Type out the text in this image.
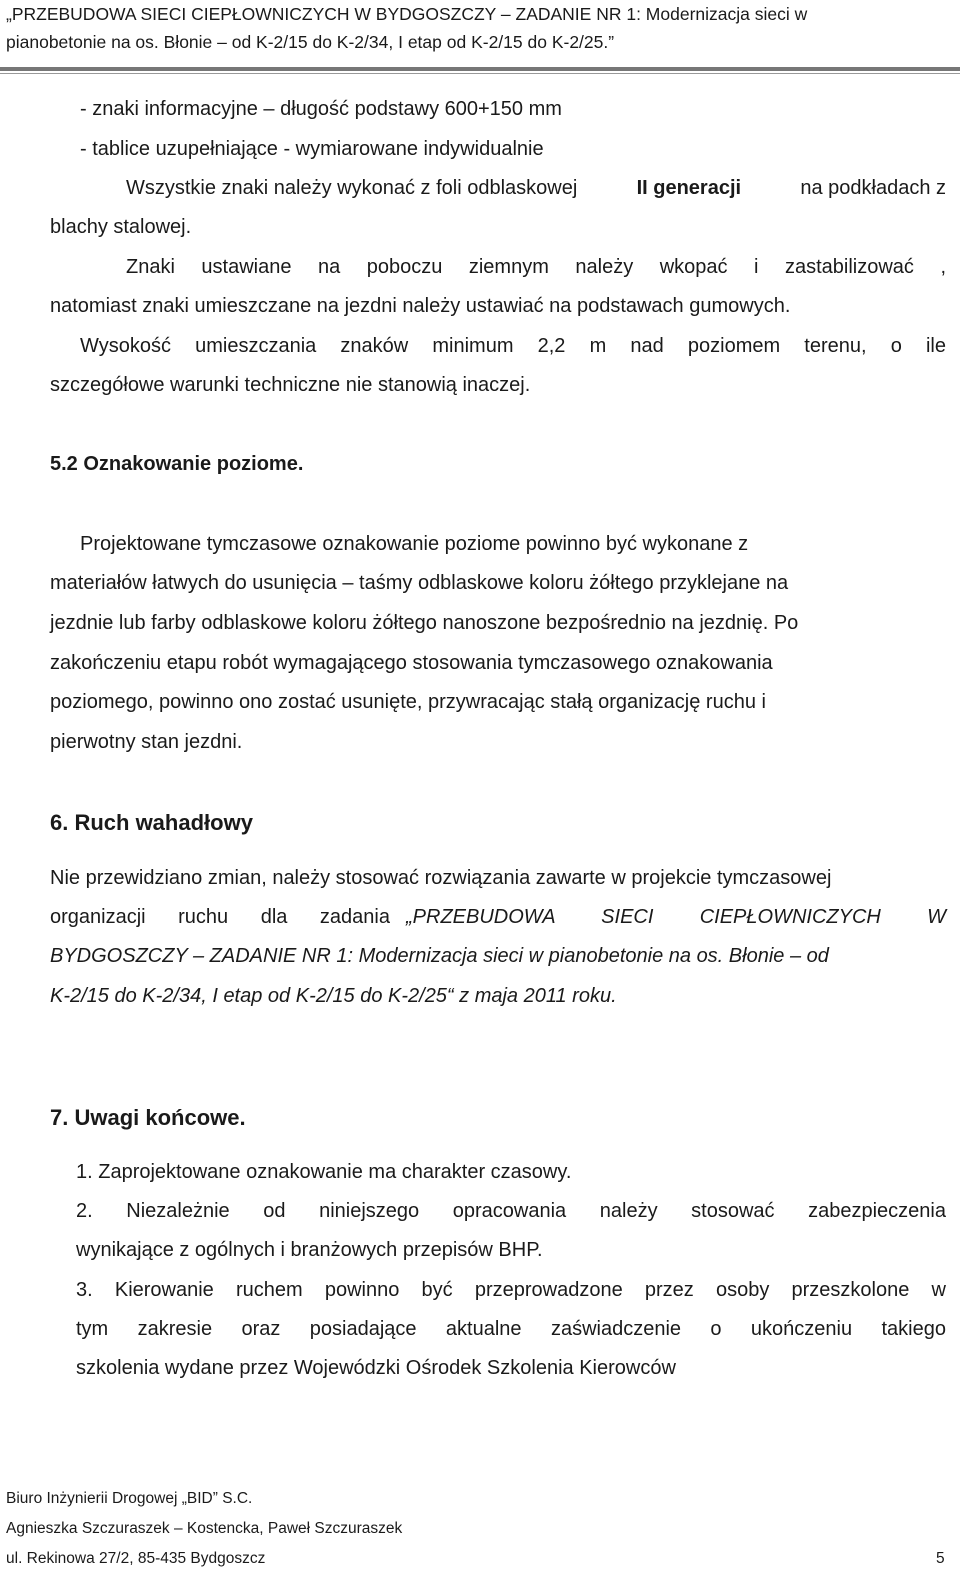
„PRZEBUDOWA SIECI CIEPŁOWNICZYCH W BYDGOSZCZY – ZADANIE NR 1: Modernizacja sieci w
pianobetonie na os. Błonie – od K-2/15 do K-2/34, I etap od K-2/15 do K-2/25.”
- znaki informacyjne – długość podstawy 600+150 mm
- tablice uzupełniające - wymiarowane indywidualnie
Wszystkie znaki należy wykonać z foli odblaskowej	II generacji	na podkładach z
blachy stalowej.
Znaki ustawiane na poboczu ziemnym należy wkopać i zastabilizować ,
natomiast znaki umieszczane na jezdni należy ustawiać na podstawach gumowych.
Wysokość umieszczania znaków minimum 2,2 m nad poziomem terenu, o ile
szczegółowe warunki techniczne nie stanowią inaczej.
5.2 Oznakowanie poziome.
Projektowane tymczasowe oznakowanie poziome powinno być wykonane z
materiałów łatwych do usunięcia – taśmy odblaskowe koloru żółtego przyklejane na
jezdnie lub farby odblaskowe koloru żółtego nanoszone bezpośrednio na jezdnię. Po
zakończeniu etapu robót wymagającego stosowania tymczasowego oznakowania
poziomego, powinno ono zostać usunięte, przywracając stałą organizację ruchu i
pierwotny stan jezdni.
6. Ruch wahadłowy
Nie przewidziano zmian, należy stosować rozwiązania zawarte w projekcie tymczasowej
organizacji ruchu dla zadania „PRZEBUDOWA SIECI CIEPŁOWNICZYCH W
BYDGOSZCZY – ZADANIE NR 1: Modernizacja sieci w pianobetonie na os. Błonie – od
K-2/15 do K-2/34, I etap od K-2/15 do K-2/25“ z maja 2011 roku.
7. Uwagi końcowe.
1. Zaprojektowane oznakowanie ma charakter czasowy.
2. Niezależnie od niniejszego opracowania należy stosować zabezpieczenia
wynikające z ogólnych i branżowych przepisów BHP.
3. Kierowanie ruchem powinno być przeprowadzone przez osoby przeszkolone w
tym zakresie oraz posiadające aktualne zaświadczenie o ukończeniu takiego
szkolenia wydane przez Wojewódzki Ośrodek Szkolenia Kierowców
Biuro Inżynierii Drogowej „BID” S.C.
Agnieszka Szczuraszek – Kostencka, Paweł Szczuraszek
ul. Rekinowa 27/2, 85-435 Bydgoszcz	5
